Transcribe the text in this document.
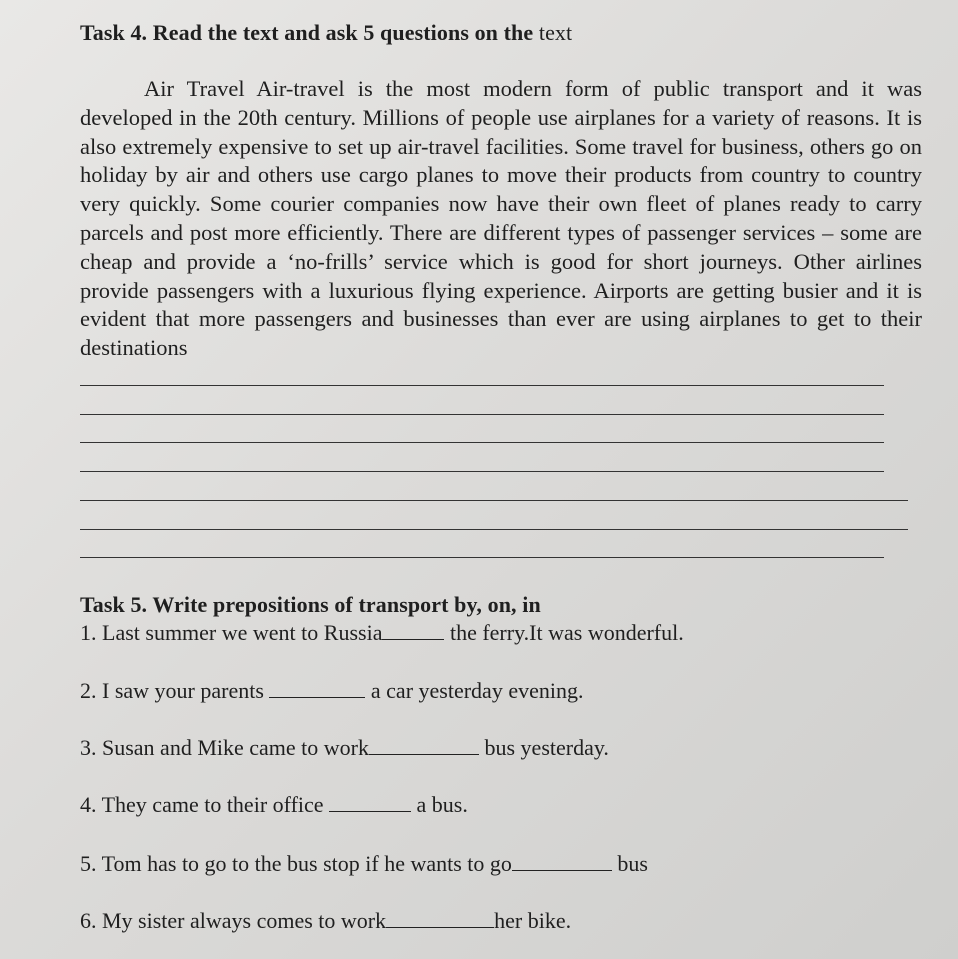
Task 4. Read the text and ask 5 questions on the text
Air Travel Air-travel is the most modern form of public transport and it was developed in the 20th century. Millions of people use airplanes for a variety of reasons. It is also extremely expensive to set up air-travel facilities. Some travel for business, others go on holiday by air and others use cargo planes to move their products from country to country very quickly. Some courier companies now have their own fleet of planes ready to carry parcels and post more efficiently. There are different types of passenger services – some are cheap and provide a ‘no-frills’ service which is good for short journeys. Other airlines provide passengers with a luxurious flying experience. Airports are getting busier and it is evident that more passengers and businesses than ever are using airplanes to get to their destinations
Task 5. Write prepositions of transport by, on, in
1. Last summer we went to Russia	the ferry.It was wonderful.
2. I saw your parents	a car yesterday evening.
3. Susan and Mike came to work	bus yesterday.
4. They came to their office	a bus.
5. Tom has to go to the bus stop if he wants to go	bus
6. My sister always comes to work	her bike.
